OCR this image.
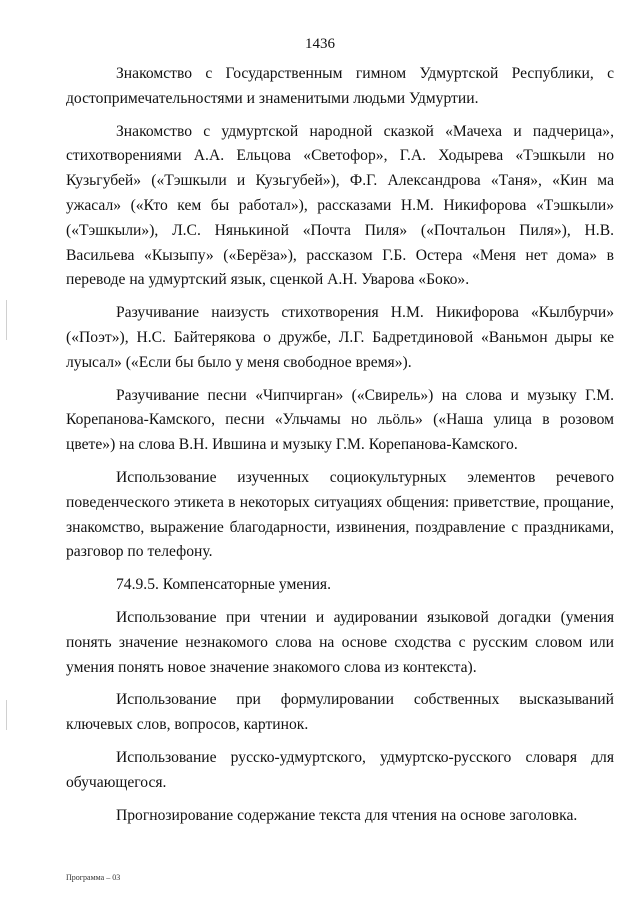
1436

Знакомство с Государственным гимном Удмуртской Республики, с достопримечательностями и знаменитыми людьми Удмуртии.

Знакомство с удмуртской народной сказкой «Мачеха и падчерица», стихотворениями А.А. Ельцова «Светофор», Г.А. Ходырева «Тэшкыли но Кузьгубей» («Тэшкыли и Кузьгубей»), Ф.Г. Александрова «Таня», «Кин ма ужасал» («Кто кем бы работал»), рассказами Н.М. Никифорова «Тэшкыли» («Тэшкыли»), Л.С. Нянькиной «Почта Пиля» («Почтальон Пиля»), Н.В. Васильева «Кызыпу» («Берёза»), рассказом Г.Б. Остера «Меня нет дома» в переводе на удмуртский язык, сценкой А.Н. Уварова «Боко».

Разучивание наизусть стихотворения Н.М. Никифорова «Кылбурчи» («Поэт»), Н.С. Байтерякова о дружбе, Л.Г. Бадретдиновой «Ваньмон дыры ке луысал» («Если бы было у меня свободное время»).

Разучивание песни «Чипчирган» («Свирель») на слова и музыку Г.М. Корепанова-Камского, песни «Ульчамы но льӧль» («Наша улица в розовом цвете») на слова В.Н. Ившина и музыку Г.М. Корепанова-Камского.

Использование изученных социокультурных элементов речевого поведенческого этикета в некоторых ситуациях общения: приветствие, прощание, знакомство, выражение благодарности, извинения, поздравление с праздниками, разговор по телефону.

74.9.5. Компенсаторные умения.

Использование при чтении и аудировании языковой догадки (умения понять значение незнакомого слова на основе сходства с русским словом или умения понять новое значение знакомого слова из контекста).

Использование при формулировании собственных высказываний ключевых слов, вопросов, картинок.

Использование русско-удмуртского, удмуртско-русского словаря для обучающегося.

Прогнозирование содержание текста для чтения на основе заголовка.

Программа – 03
